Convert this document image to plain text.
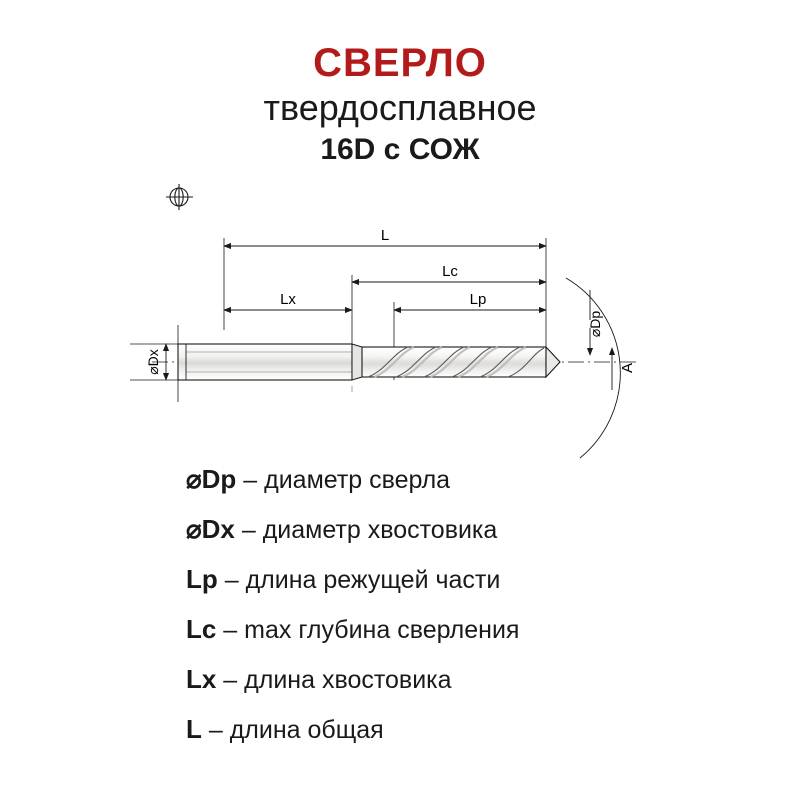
СВЕРЛО
твердосплавное
16D с СОЖ
L
Lc
Lx	Lp
⌀Dx
⌀Dp
A
⌀Dp – диаметр сверла
⌀Dx – диаметр хвостовика
Lp – длина режущей части
Lc – max глубина сверления
Lx – длина хвостовика
L – длина общая
